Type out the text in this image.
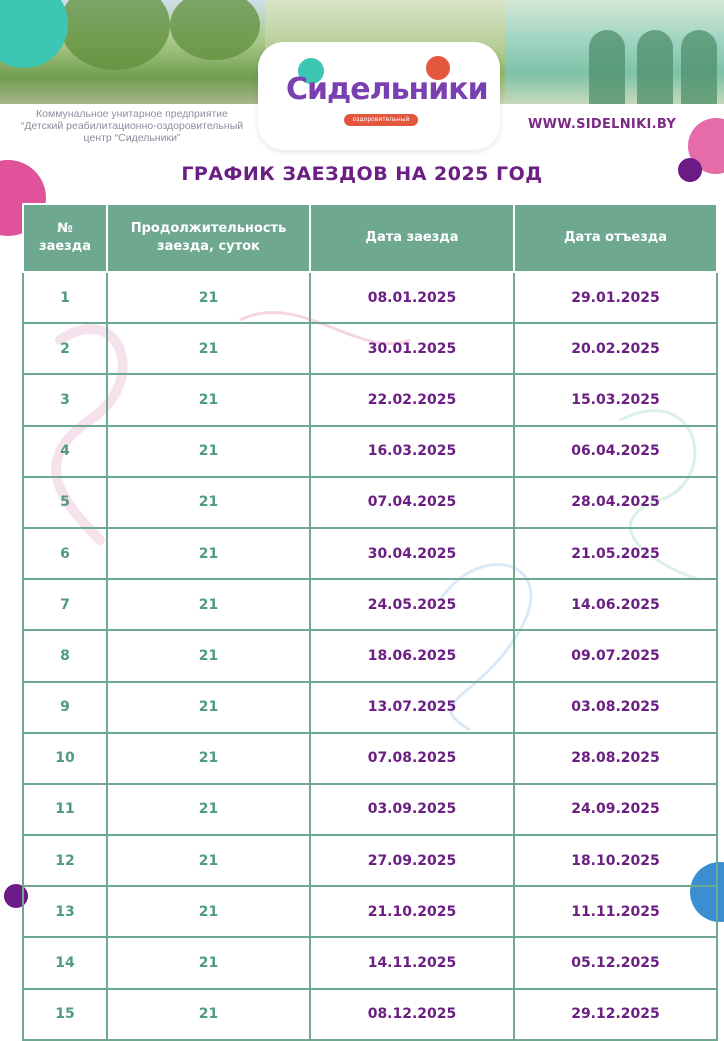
Сидельники
оздоровительный центр
Коммунальное унитарное предприятие
“Детский реабилитационно-оздоровительный
центр “Сидельники”
WWW.SIDELNIKI.BY
ГРАФИК ЗАЕЗДОВ НА 2025 ГОД
№ заезда	Продолжительность заезда, суток	Дата заезда	Дата отъезда
1	21	08.01.2025	29.01.2025
2	21	30.01.2025	20.02.2025
3	21	22.02.2025	15.03.2025
4	21	16.03.2025	06.04.2025
5	21	07.04.2025	28.04.2025
6	21	30.04.2025	21.05.2025
7	21	24.05.2025	14.06.2025
8	21	18.06.2025	09.07.2025
9	21	13.07.2025	03.08.2025
10	21	07.08.2025	28.08.2025
11	21	03.09.2025	24.09.2025
12	21	27.09.2025	18.10.2025
13	21	21.10.2025	11.11.2025
14	21	14.11.2025	05.12.2025
15	21	08.12.2025	29.12.2025
